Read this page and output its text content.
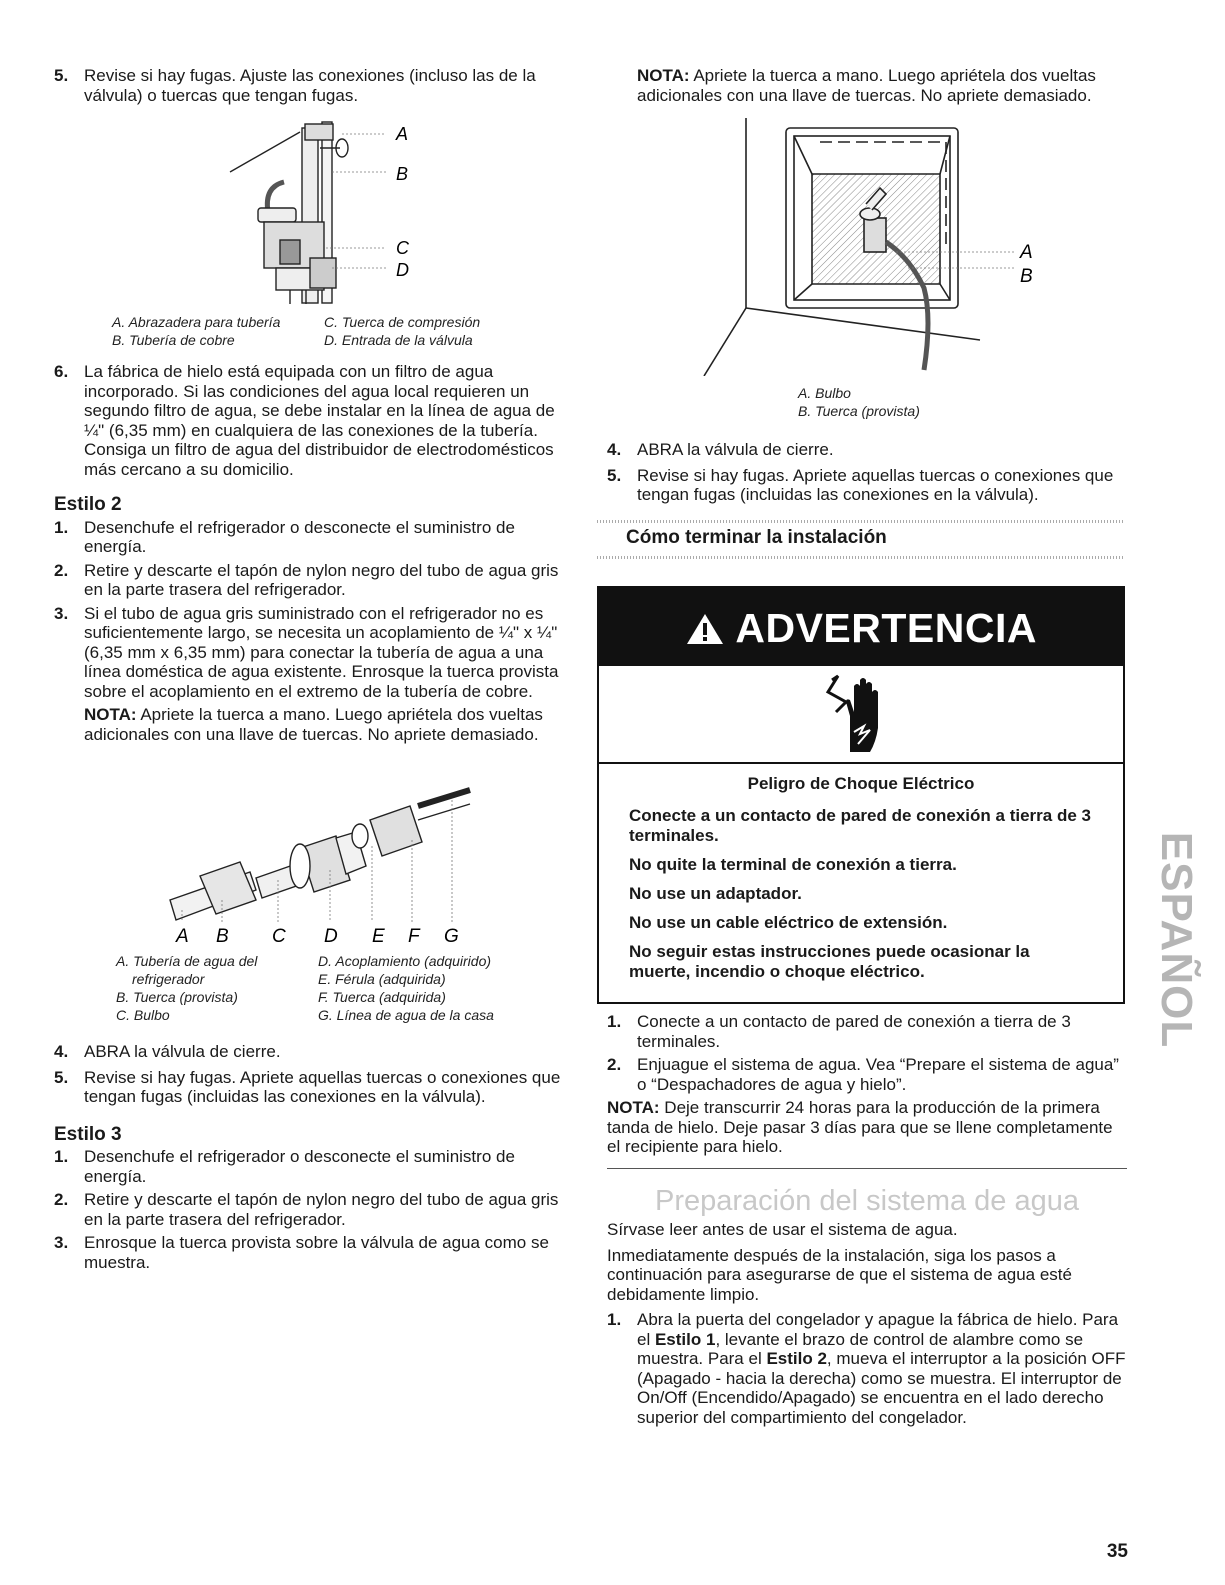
5. Revise si hay fugas. Ajuste las conexiones (incluso las de la válvula) o tuercas que tengan fugas.
A
B
C
D
A. Abrazadera para tubería	C. Tuerca de compresión
B. Tubería de cobre	D. Entrada de la válvula
6. La fábrica de hielo está equipada con un filtro de agua incorporado. Si las condiciones del agua local requieren un segundo filtro de agua, se debe instalar en la línea de agua de ¼" (6,35 mm) en cualquiera de las conexiones de la tubería. Consiga un filtro de agua del distribuidor de electrodomésticos más cercano a su domicilio.
Estilo 2
1. Desenchufe el refrigerador o desconecte el suministro de energía.
2. Retire y descarte el tapón de nylon negro del tubo de agua gris en la parte trasera del refrigerador.
3. Si el tubo de agua gris suministrado con el refrigerador no es suficientemente largo, se necesita un acoplamiento de ¼" x ¼" (6,35 mm x 6,35 mm) para conectar la tubería de agua a una línea doméstica de agua existente. Enrosque la tuerca provista sobre el acoplamiento en el extremo de la tubería de cobre.
NOTA: Apriete la tuerca a mano. Luego apriételа dos vueltas adicionales con una llave de tuercas. No apriete demasiado.
A B C D E F G
A. Tubería de agua del
refrigerador
B. Tuerca (provista)
C. Bulbo
D. Acoplamiento (adquirido)
E. Férula (adquirida)
F. Tuerca (adquirida)
G. Línea de agua de la casa
4. ABRA la válvula de cierre.
5. Revise si hay fugas. Apriete aquellas tuercas o conexiones que tengan fugas (incluidas las conexiones en la válvula).
Estilo 3
1. Desenchufe el refrigerador o desconecte el suministro de energía.
2. Retire y descarte el tapón de nylon negro del tubo de agua gris en la parte trasera del refrigerador.
3. Enrosque la tuerca provista sobre la válvula de agua como se muestra.
NOTA: Apriete la tuerca a mano. Luego apriételа dos vueltas adicionales con una llave de tuercas. No apriete demasiado.
A
B
A. Bulbo
B. Tuerca (provista)
4. ABRA la válvula de cierre.
5. Revise si hay fugas. Apriete aquellas tuercas o conexiones que tengan fugas (incluidas las conexiones en la válvula).
Cómo terminar la instalación
ADVERTENCIA
Peligro de Choque Eléctrico

Conecte a un contacto de pared de conexión a tierra de 3 terminales.

No quite la terminal de conexión a tierra.

No use un adaptador.

No use un cable eléctrico de extensión.

No seguir estas instrucciones puede ocasionar la muerte, incendio o choque eléctrico.

1. Conecte a un contacto de pared de conexión a tierra de 3 terminales.
2. Enjuague el sistema de agua. Vea “Prepare el sistema de agua” o “Despachadores de agua y hielo”.
NOTA: Deje transcurrir 24 horas para la producción de la primera tanda de hielo. Deje pasar 3 días para que se llene completamente el recipiente para hielo.
Preparación del sistema de agua

Sírvase leer antes de usar el sistema de agua.

Inmediatamente después de la instalación, siga los pasos a continuación para asegurarse de que el sistema de agua esté debidamente limpio.

1. Abra la puerta del congelador y apague la fábrica de hielo. Para el Estilo 1, levante el brazo de control de alambre como se muestra. Para el Estilo 2, mueva el interruptor a la posición OFF (Apagado - hacia la derecha) como se muestra. El interruptor de On/Off (Encendido/Apagado) se encuentra en el lado derecho superior del compartimiento del congelador.
ESPAÑOL
35
